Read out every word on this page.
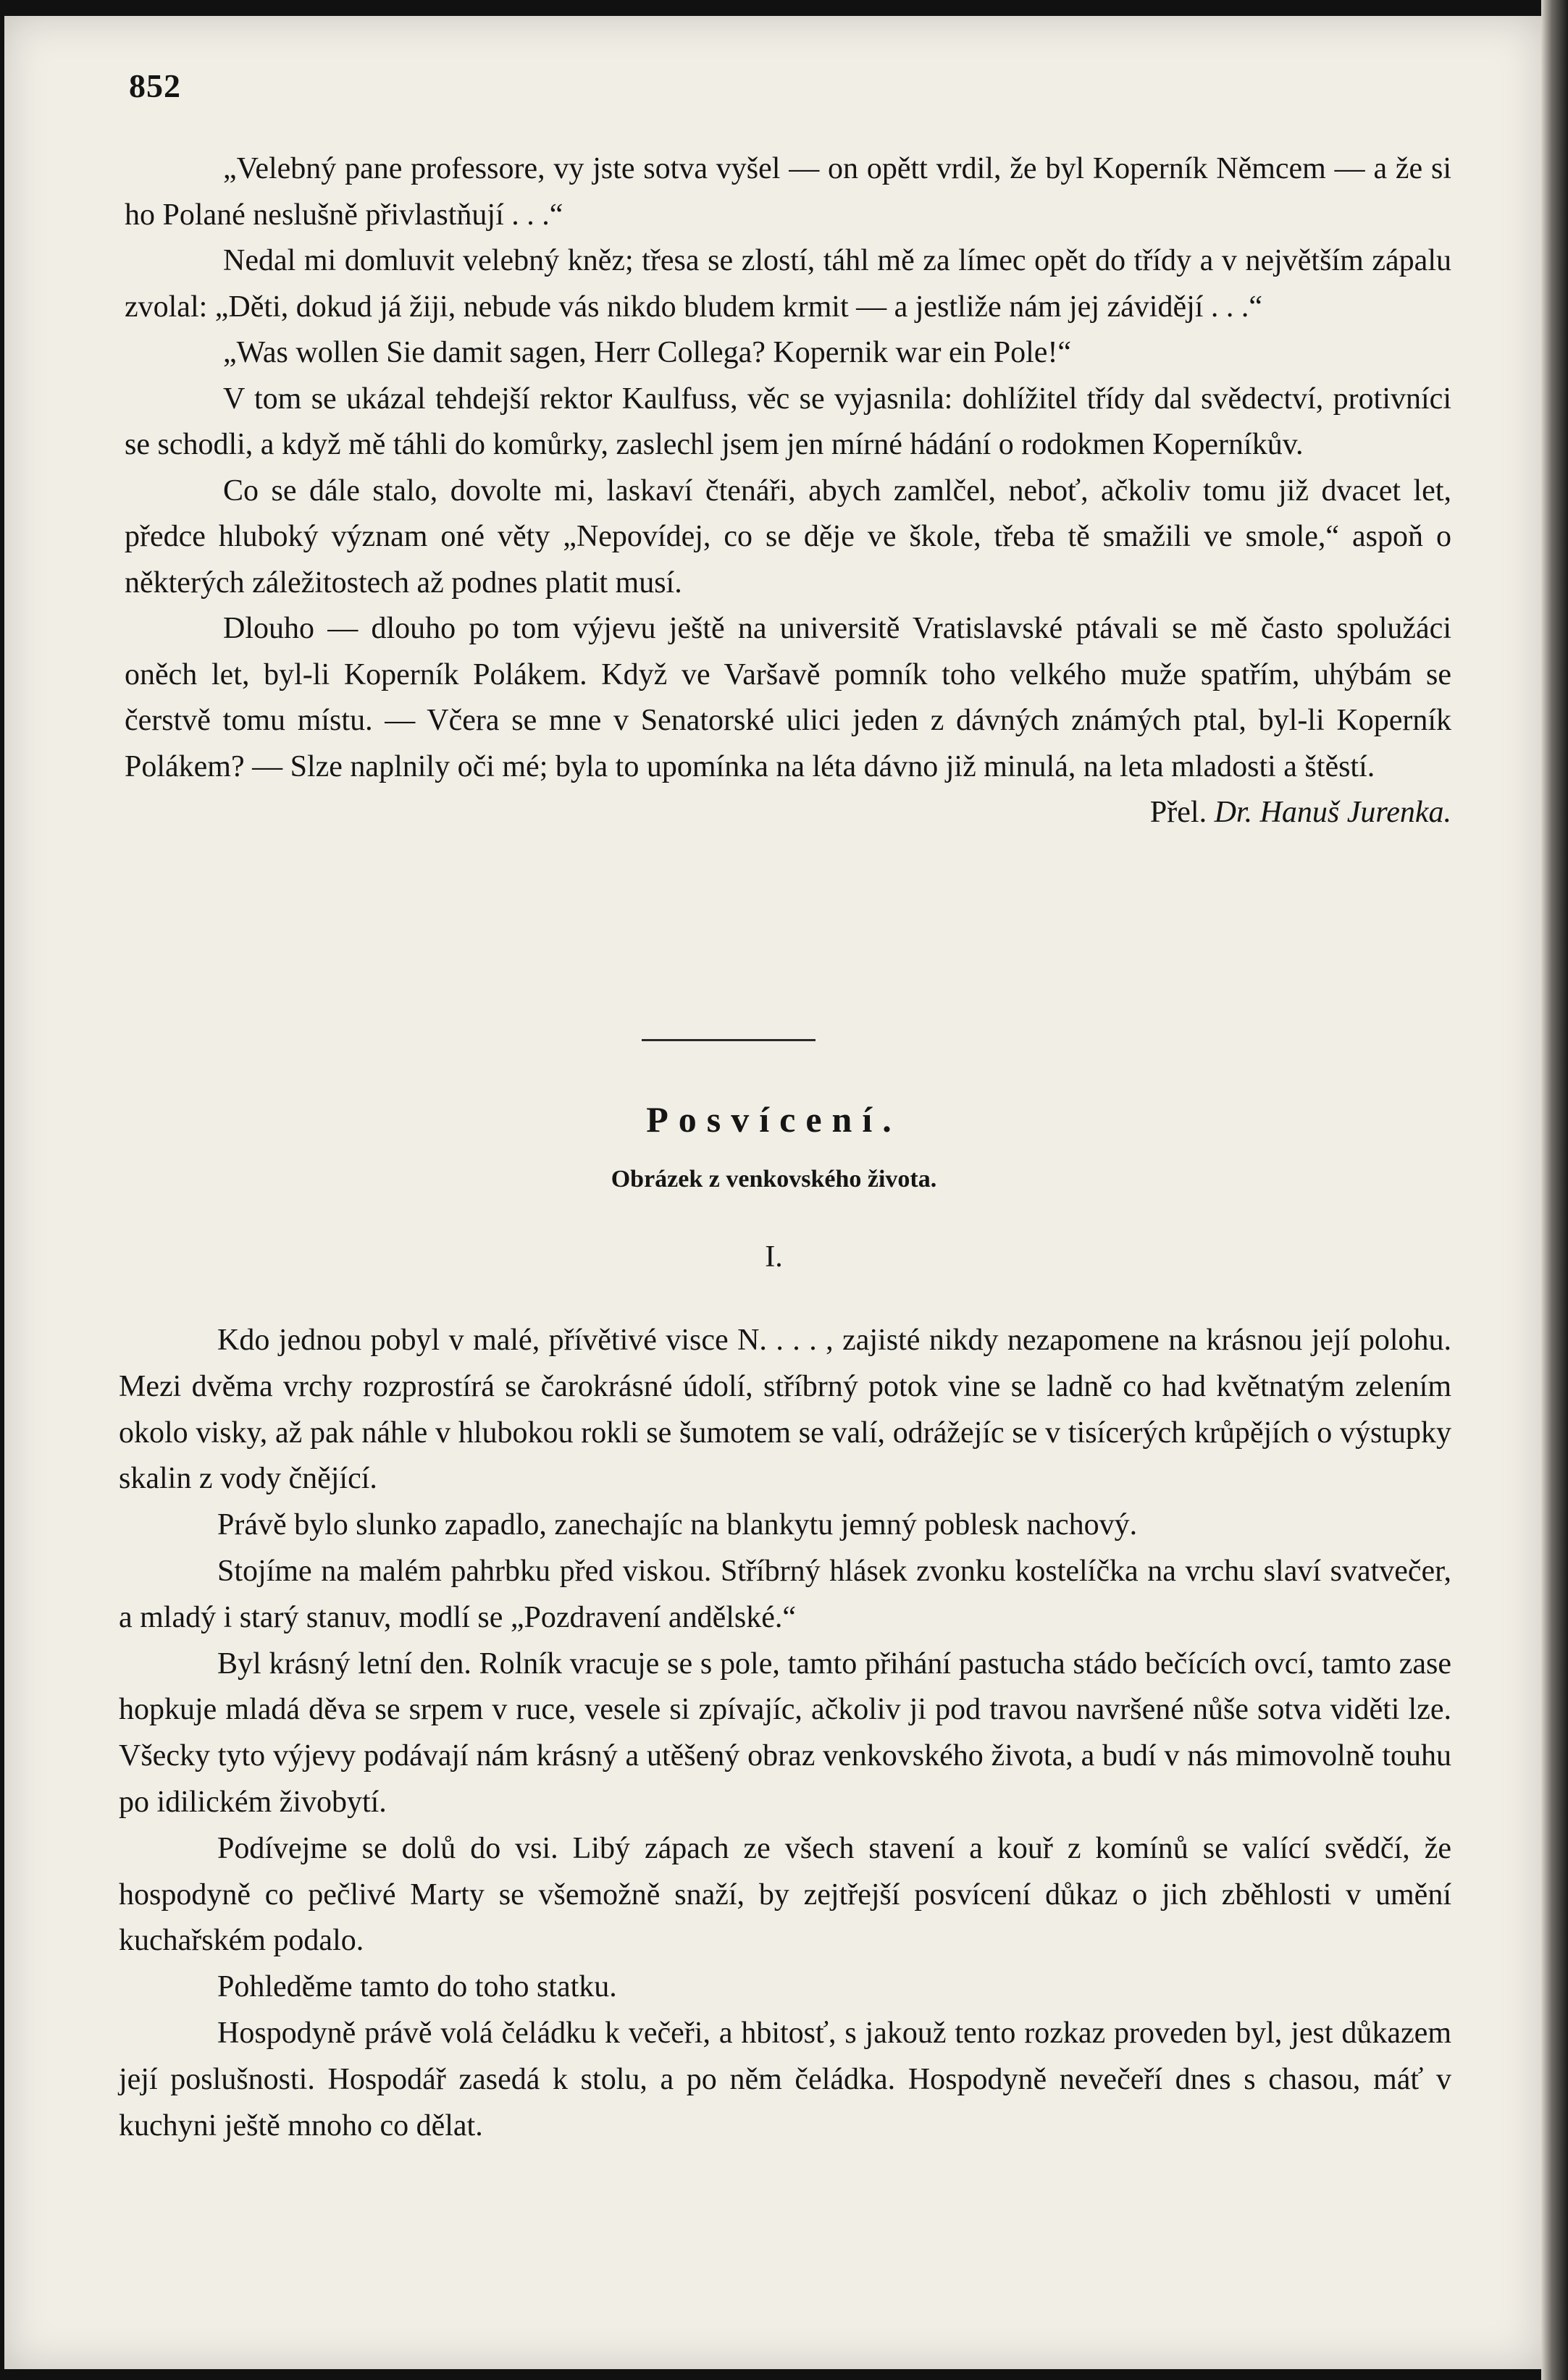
852

„Velebný pane professore, vy jste sotva vyšel — on opětt vrdil, že byl Koperník Němcem — a že si ho Polané neslušně přivlastňují . . .“

Nedal mi domluvit velebný kněz; třesa se zlostí, táhl mě za límec opět do třídy a v největším zápalu zvolal: „Děti, dokud já žiji, nebude vás nikdo bludem krmit — a jestliže nám jej závidějí . . .“

„Was wollen Sie damit sagen, Herr Collega? Kopernik war ein Pole!“

V tom se ukázal tehdejší rektor Kaulfuss, věc se vyjasnila: dohlížitel třídy dal svědectví, protivníci se schodli, a když mě táhli do komůrky, zaslechl jsem jen mírné hádání o rodokmen Koperníkův.

Co se dále stalo, dovolte mi, laskaví čtenáři, abych zamlčel, neboť, ačkoliv tomu již dvacet let, předce hluboký význam oné věty „Nepovídej, co se děje ve škole, třeba tě smažili ve smole,“ aspoň o některých záležitostech až podnes platit musí.

Dlouho — dlouho po tom výjevu ještě na universitě Vratislavské ptávali se mě často spolužáci oněch let, byl-li Koperník Polákem. Když ve Varšavě pomník toho velkého muže spatřím, uhýbám se čerstvě tomu místu. — Včera se mne v Senatorské ulici jeden z dávných známých ptal, byl-li Koperník Polákem? — Slze naplnily oči mé; byla to upomínka na léta dávno již minulá, na leta mladosti a štěstí.

Přel. Dr. Hanuš Jurenka.

Posvícení.
Obrázek z venkovského života.
I.

Kdo jednou pobyl v malé, přívětivé visce N. . . . , zajisté nikdy nezapomene na krásnou její polohu. Mezi dvěma vrchy rozprostírá se čarokrásné údolí, stříbrný potok vine se ladně co had květnatým zelením okolo visky, až pak náhle v hlubokou rokli se šumotem se valí, odrážejíc se v tisícerých krůpějích o výstupky skalin z vody čnějící.

Právě bylo slunko zapadlo, zanechajíc na blankytu jemný poblesk nachový.

Stojíme na malém pahrbku před viskou. Stříbrný hlásek zvonku kostelíčka na vrchu slaví svatvečer, a mladý i starý stanuv, modlí se „Pozdravení andělské.“

Byl krásný letní den. Rolník vracuje se s pole, tamto přihání pastucha stádo bečících ovcí, tamto zase hopkuje mladá děva se srpem v ruce, vesele si zpívajíc, ačkoliv ji pod travou navršené nůše sotva viděti lze. Všecky tyto výjevy podávají nám krásný a utěšený obraz venkovského života, a budí v nás mimovolně touhu po idilickém živobytí.

Podívejme se dolů do vsi. Libý zápach ze všech stavení a kouř z komínů se valící svědčí, že hospodyně co pečlivé Marty se všemožně snaží, by zejtřejší posvícení důkaz o jich zběhlosti v umění kuchařském podalo.

Pohleděme tamto do toho statku.

Hospodyně právě volá čeládku k večeři, a hbitosť, s jakouž tento rozkaz proveden byl, jest důkazem její poslušnosti. Hospodář zasedá k stolu, a po něm čeládka. Hospodyně nevečeří dnes s chasou, máť v kuchyni ještě mnoho co dělat.
